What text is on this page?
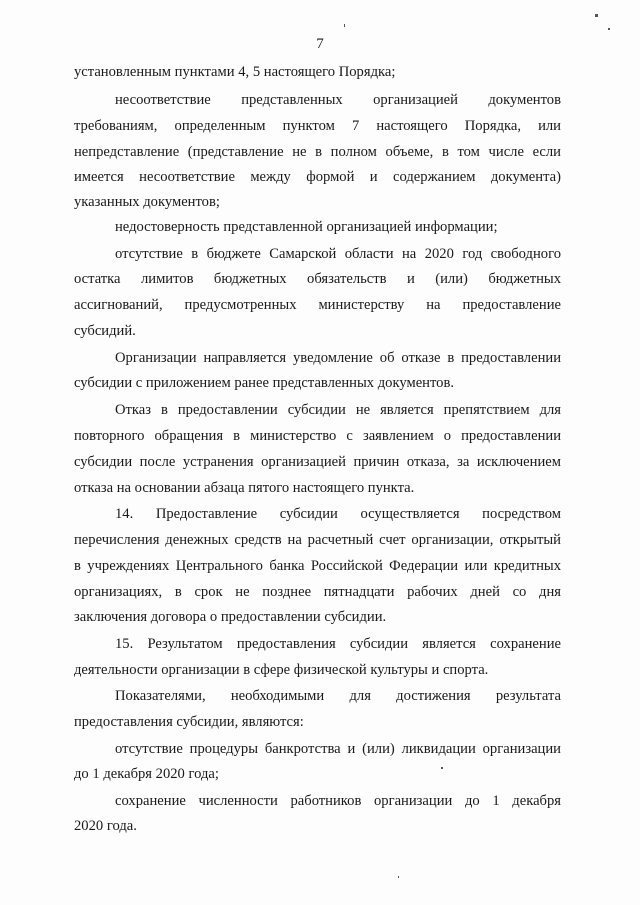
7
установленным пунктами 4, 5 настоящего Порядка;
несоответствие представленных организацией документов
требованиям, определенным пунктом 7 настоящего Порядка, или
непредставление (представление не в полном объеме, в том числе если
имеется несоответствие между формой и содержанием документа)
указанных документов;
недостоверность представленной организацией информации;
отсутствие в бюджете Самарской области на 2020 год свободного
остатка лимитов бюджетных обязательств и (или) бюджетных
ассигнований, предусмотренных министерству на предоставление
субсидий.
Организации направляется уведомление об отказе в предоставлении
субсидии с приложением ранее представленных документов.
Отказ в предоставлении субсидии не является препятствием для
повторного обращения в министерство с заявлением о предоставлении
субсидии после устранения организацией причин отказа, за исключением
отказа на основании абзаца пятого настоящего пункта.
14. Предоставление субсидии осуществляется посредством
перечисления денежных средств на расчетный счет организации, открытый
в учреждениях Центрального банка Российской Федерации или кредитных
организациях, в срок не позднее пятнадцати рабочих дней со дня
заключения договора о предоставлении субсидии.
15. Результатом предоставления субсидии является сохранение
деятельности организации в сфере физической культуры и спорта.
Показателями, необходимыми для достижения результата
предоставления субсидии, являются:
отсутствие процедуры банкротства и (или) ликвидации организации
до 1 декабря 2020 года;
сохранение численности работников организации до 1 декабря
2020 года.
